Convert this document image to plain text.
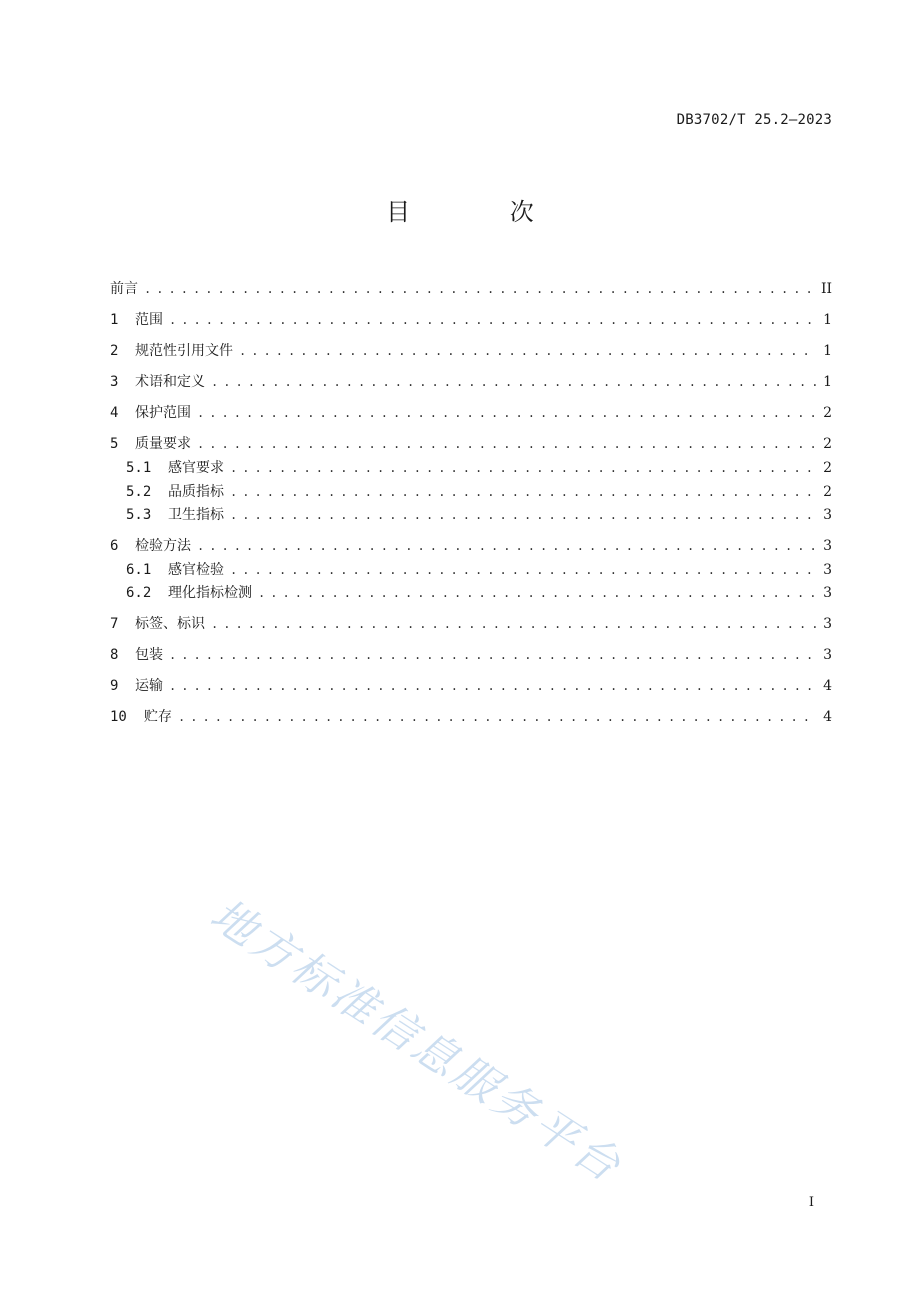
DB3702/T 25.2—2023
目 次
前言 . . .	II
1	范围 . . .	1
2	规范性引用文件 . . .	1
3	术语和定义 . . .	1
4	保护范围 . . .	2
5	质量要求 . . .	2
5.1	感官要求 . . .	2
5.2	品质指标 . . .	2
5.3	卫生指标 . . .	3
6	检验方法 . . .	3
6.1	感官检验 . . .	3
6.2	理化指标检测 . . .	3
7	标签、标识 . . .	3
8	包装 . . .	3
9	运输 . . .	4
10	贮存 . . .	4
地方标准信息服务平台
I
